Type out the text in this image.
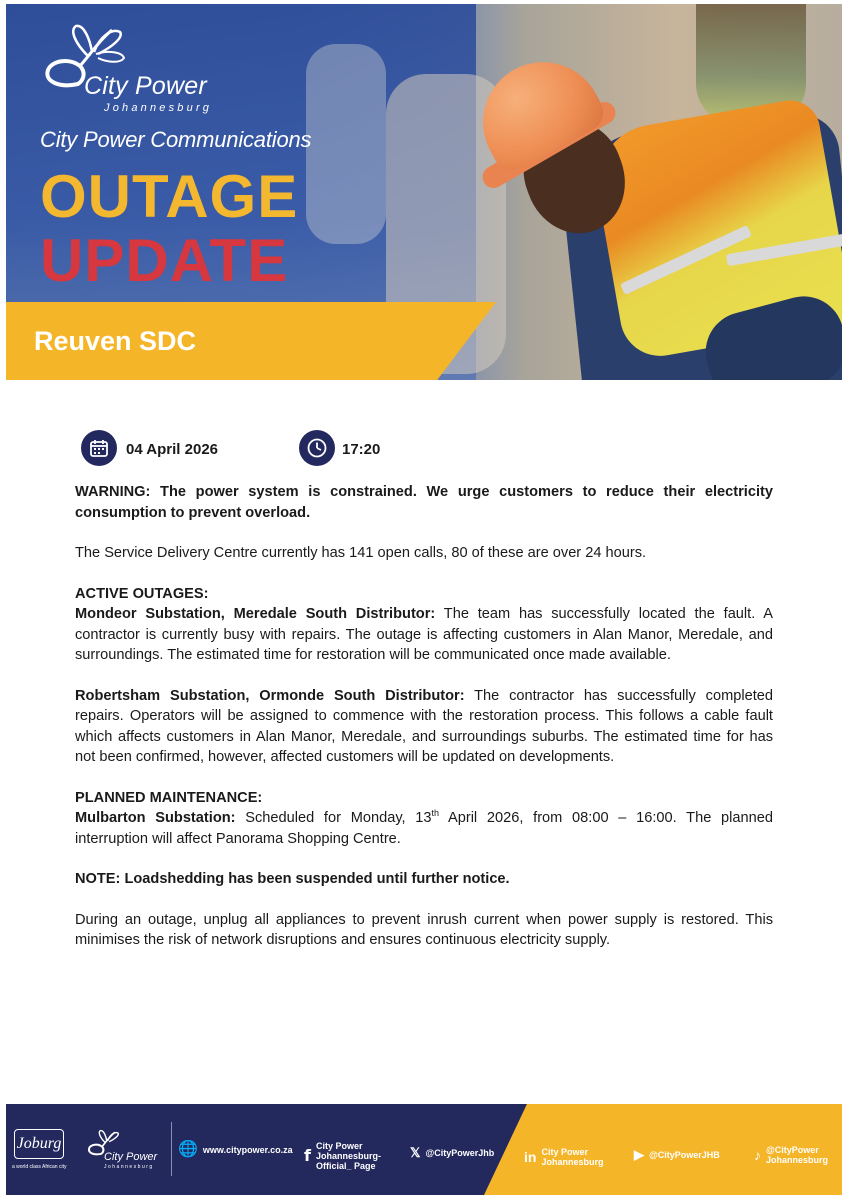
City Power
Johannesburg
City Power Communications
OUTAGE
UPDATE
Reuven SDC
04 April 2026	17:20

WARNING: The power system is constrained. We urge customers to reduce their electricity consumption to prevent overload.

The Service Delivery Centre currently has 141 open calls, 80 of these are over 24 hours.

ACTIVE OUTAGES:

Mondeor Substation, Meredale South Distributor: The team has successfully located the fault. A contractor is currently busy with repairs. The outage is affecting customers in Alan Manor, Meredale, and surroundings. The estimated time for restoration will be communicated once made available.

Robertsham Substation, Ormonde South Distributor: The contractor has successfully completed repairs. Operators will be assigned to commence with the restoration process. This follows a cable fault which affects customers in Alan Manor, Meredale, and surroundings suburbs. The estimated time for has not been confirmed, however, affected customers will be updated on developments.

PLANNED MAINTENANCE:

Mulbarton Substation: Scheduled for Monday, 13th April 2026, from 08:00 – 16:00. The planned interruption will affect Panorama Shopping Centre.

NOTE: Loadshedding has been suspended until further notice.

During an outage, unplug all appliances to prevent inrush current when power supply is restored. This minimises the risk of network disruptions and ensures continuous electricity supply.

Joburg
a world class African city
City Power
Johannesburg
🌐 www.citypower.co.za f City Power Johannesburg-Official_ Page
𝕏 @CityPowerJhb in City Power Johannesburg	▶ @CityPowerJHB ♪ @CityPower Johannesburg
